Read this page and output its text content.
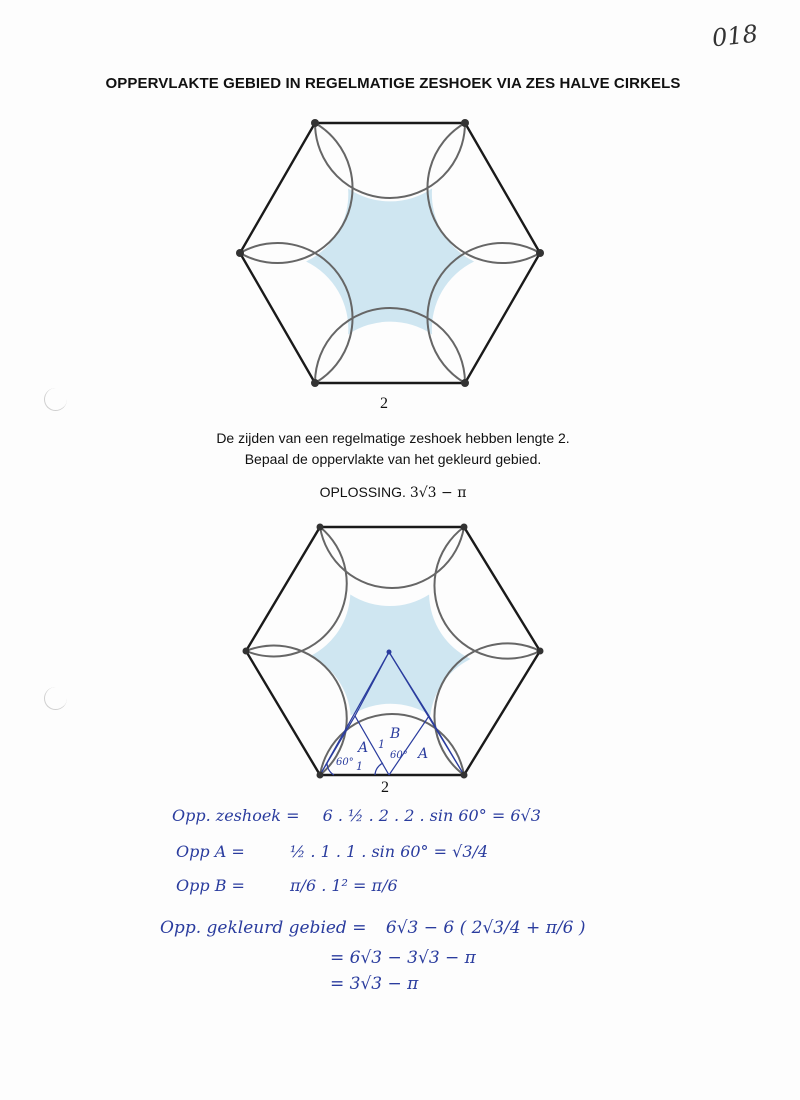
018
OPPERVLAKTE GEBIED IN REGELMATIGE ZESHOEK VIA ZES HALVE CIRKELS
2
De zijden van een regelmatige zeshoek hebben lengte 2.
Bepaal de oppervlakte van het gekleurd gebied.
OPLOSSING. 3√3 − π
2
A	A
B
1
1
60°
60°
Opp. zeshoek = 6 . ½ . 2 . 2 . sin 60° = 6√3
Opp A =	½ . 1 . 1 . sin 60° = √3/4
Opp B =	π/6 . 1² = π/6
Opp. gekleurd gebied = 6√3 − 6 ( 2√3/4 + π/6 )
= 6√3 − 3√3 − π
= 3√3 − π
